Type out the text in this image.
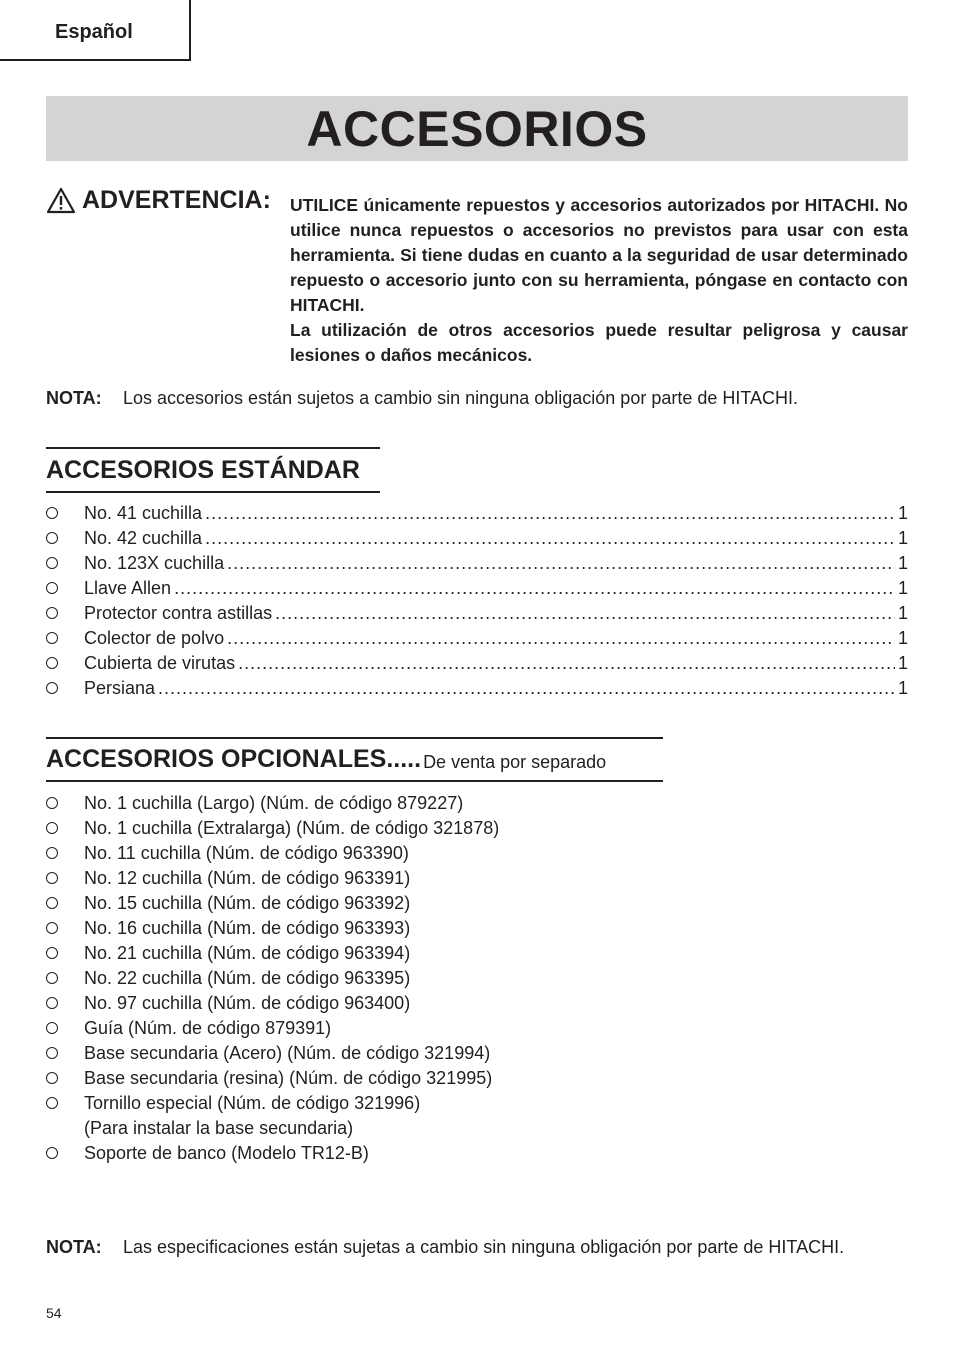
Español
ACCESORIOS
ADVERTENCIA: UTILICE únicamente repuestos y accesorios autorizados por HITACHI. No utilice nunca repuestos o accesorios no previstos para usar con esta herramienta. Si tiene dudas en cuanto a la seguridad de usar determinado repuesto o accesorio junto con su herramienta, póngase en contacto con HITACHI.

La utilización de otros accesorios puede resultar peligrosa y causar lesiones o daños mecánicos.

NOTA: Los accesorios están sujetos a cambio sin ninguna obligación por parte de HITACHI.
ACCESORIOS ESTÁNDAR
No. 41 cuchilla .....	1
No. 42 cuchilla .....	1
No. 123X cuchilla .....	1
Llave Allen .....	1
Protector contra astillas .....	1
Colector de polvo .....	1
Cubierta de virutas .....	1
Persiana .....	1
ACCESORIOS OPCIONALES..... De venta por separado
No. 1 cuchilla (Largo) (Núm. de código 879227)
No. 1 cuchilla (Extralarga) (Núm. de código 321878)
No. 11 cuchilla (Núm. de código 963390)
No. 12 cuchilla (Núm. de código 963391)
No. 15 cuchilla (Núm. de código 963392)
No. 16 cuchilla (Núm. de código 963393)
No. 21 cuchilla (Núm. de código 963394)
No. 22 cuchilla (Núm. de código 963395)
No. 97 cuchilla (Núm. de código 963400)
Guía (Núm. de código 879391)
Base secundaria (Acero) (Núm. de código 321994)
Base secundaria (resina) (Núm. de código 321995)
Tornillo especial (Núm. de código 321996)
(Para instalar la base secundaria)
Soporte de banco (Modelo TR12-B)
NOTA: Las especificaciones están sujetas a cambio sin ninguna obligación por parte de HITACHI.
54
